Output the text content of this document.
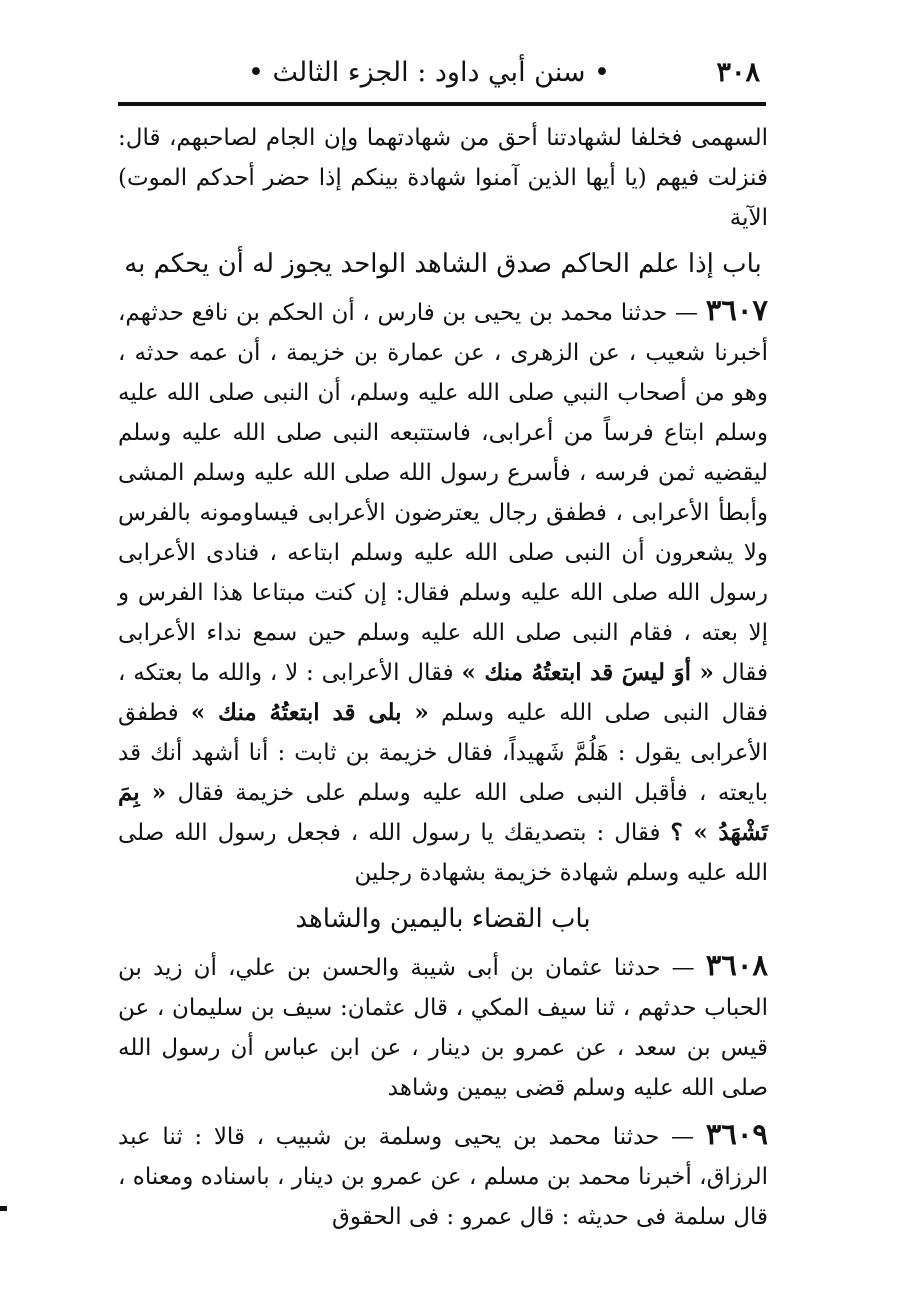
٣٠٨
• سنن أبي داود : الجزء الثالث •

السهمى فخلفا لشهادتنا أحق من شهادتهما وإن الجام لصاحبهم، قال: فنزلت فيهم (يا أيها الذين آمنوا شهادة بينكم إذا حضر أحدكم الموت) الآية

باب إذا علم الحاكم صدق الشاهد الواحد يجوز له أن يحكم به

٣٦٠٧ — حدثنا محمد بن يحيى بن فارس ، أن الحكم بن نافع حدثهم، أخبرنا شعيب ، عن الزهرى ، عن عمارة بن خزيمة ، أن عمه حدثه ، وهو من أصحاب النبي صلى الله عليه وسلم، أن النبى صلى الله عليه وسلم ابتاع فرساً من أعرابى، فاستتبعه النبى صلى الله عليه وسلم ليقضيه ثمن فرسه ، فأسرع رسول الله صلى الله عليه وسلم المشى وأبطأ الأعرابى ، فطفق رجال يعترضون الأعرابى فيساومونه بالفرس ولا يشعرون أن النبى صلى الله عليه وسلم ابتاعه ، فنادى الأعرابى رسول الله صلى الله عليه وسلم فقال: إن كنت مبتاعا هذا الفرس و إلا بعته ، فقام النبى صلى الله عليه وسلم حين سمع نداء الأعرابى فقال « أوَ ليسَ قد ابتعتُهُ منك » فقال الأعرابى : لا ، والله ما بعتكه ، فقال النبى صلى الله عليه وسلم « بلى قد ابتعتُهُ منك » فطفق الأعرابى يقول : هَلُمَّ شَهيداً، فقال خزيمة بن ثابت : أنا أشهد أنك قد بايعته ، فأقبل النبى صلى الله عليه وسلم على خزيمة فقال « بِمَ تَشْهَدُ » ؟ فقال : بتصديقك يا رسول الله ، فجعل رسول الله صلى الله عليه وسلم شهادة خزيمة بشهادة رجلين

باب القضاء باليمين والشاهد

٣٦٠٨ — حدثنا عثمان بن أبى شيبة والحسن بن علي، أن زيد بن الحباب حدثهم ، ثنا سيف المكي ، قال عثمان: سيف بن سليمان ، عن قيس بن سعد ، عن عمرو بن دينار ، عن ابن عباس أن رسول الله صلى الله عليه وسلم قضى بيمين وشاهد

٣٦٠٩ — حدثنا محمد بن يحيى وسلمة بن شبيب ، قالا : ثنا عبد الرزاق، أخبرنا محمد بن مسلم ، عن عمرو بن دينار ، باسناده ومعناه ، قال سلمة فى حديثه : قال عمرو : فى الحقوق
